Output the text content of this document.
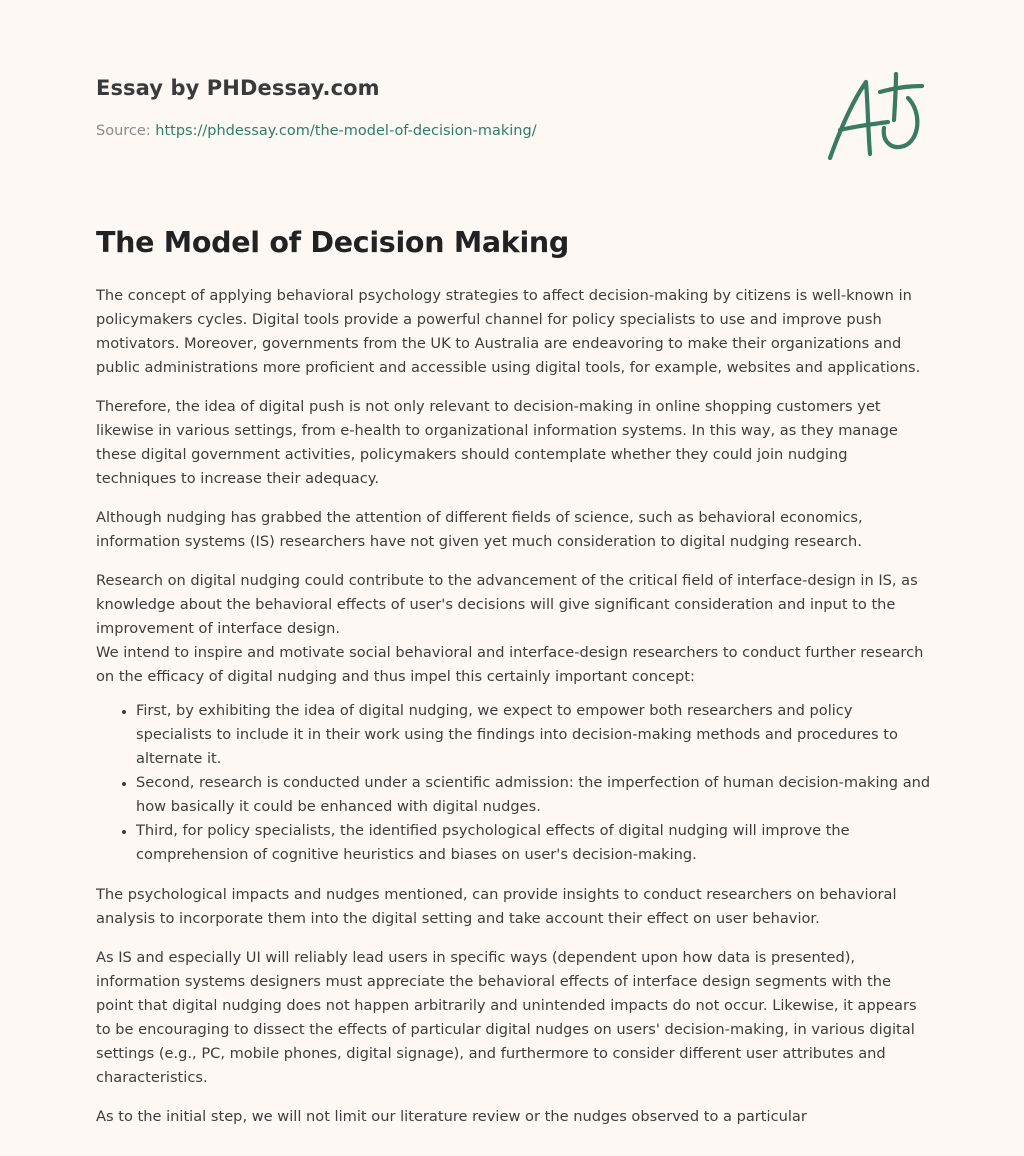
Essay by PHDessay.com
Source: https://phdessay.com/the-model-of-decision-making/
The Model of Decision Making

The concept of applying behavioral psychology strategies to affect decision-making by citizens is well-known in policymakers cycles. Digital tools provide a powerful channel for policy specialists to use and improve push motivators. Moreover, governments from the UK to Australia are endeavoring to make their organizations and public administrations more proficient and accessible using digital tools, for example, websites and applications.

Therefore, the idea of digital push is not only relevant to decision-making in online shopping customers yet likewise in various settings, from e-health to organizational information systems. In this way, as they manage these digital government activities, policymakers should contemplate whether they could join nudging techniques to increase their adequacy.

Although nudging has grabbed the attention of different fields of science, such as behavioral economics, information systems (IS) researchers have not given yet much consideration to digital nudging research.

Research on digital nudging could contribute to the advancement of the critical field of interface-design in IS, as knowledge about the behavioral effects of user's decisions will give significant consideration and input to the improvement of interface design.

We intend to inspire and motivate social behavioral and interface-design researchers to conduct further research on the efficacy of digital nudging and thus impel this certainly important concept:

• First, by exhibiting the idea of digital nudging, we expect to empower both researchers and policy specialists to include it in their work using the findings into decision-making methods and procedures to alternate it.
• Second, research is conducted under a scientific admission: the imperfection of human decision-making and how basically it could be enhanced with digital nudges.
• Third, for policy specialists, the identified psychological effects of digital nudging will improve the comprehension of cognitive heuristics and biases on user's decision-making.

The psychological impacts and nudges mentioned, can provide insights to conduct researchers on behavioral analysis to incorporate them into the digital setting and take account their effect on user behavior.

As IS and especially UI will reliably lead users in specific ways (dependent upon how data is presented), information systems designers must appreciate the behavioral effects of interface design segments with the point that digital nudging does not happen arbitrarily and unintended impacts do not occur. Likewise, it appears to be encouraging to dissect the effects of particular digital nudges on users' decision-making, in various digital settings (e.g., PC, mobile phones, digital signage), and furthermore to consider different user attributes and characteristics.

As to the initial step, we will not limit our literature review or the nudges observed to a particular
